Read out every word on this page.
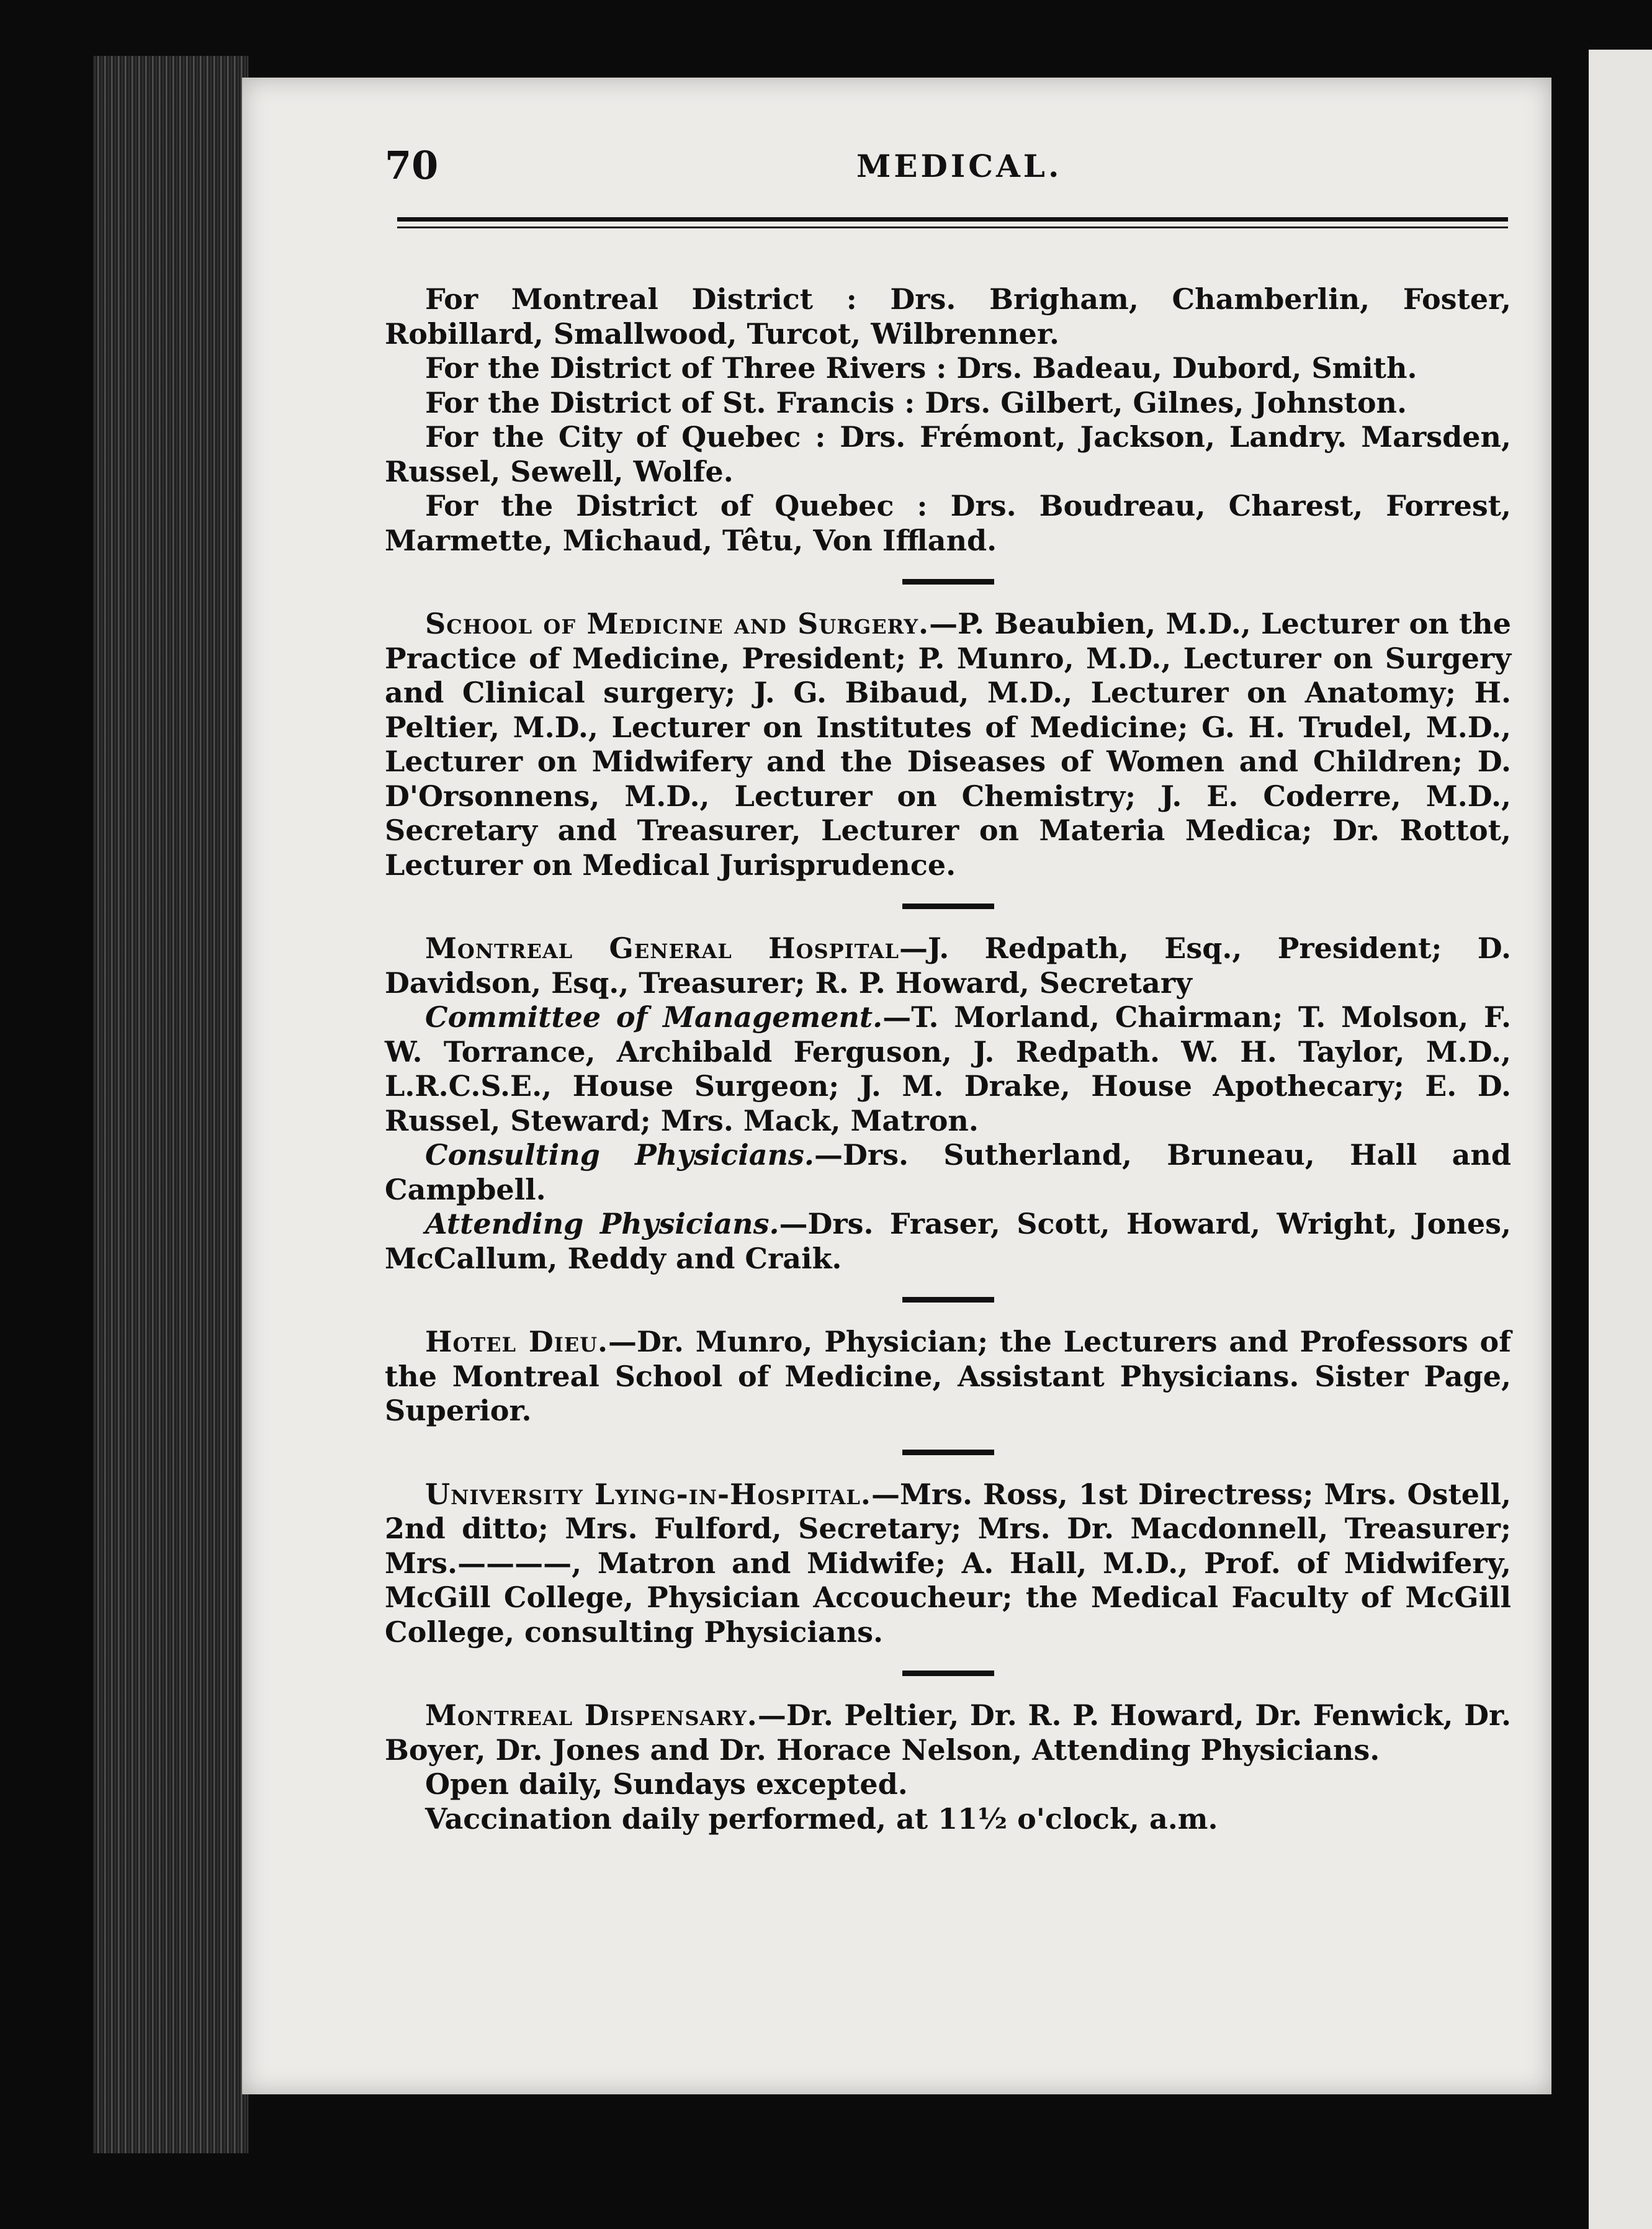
70	MEDICAL.

For Montreal District : Drs. Brigham, Chamberlin, Foster, Robillard, Smallwood, Turcot, Wilbrenner.

For the District of Three Rivers : Drs. Badeau, Dubord, Smith.

For the District of St. Francis : Drs. Gilbert, Gilnes, Johnston.

For the City of Quebec : Drs. Frémont, Jackson, Landry. Marsden, Russel, Sewell, Wolfe.

For the District of Quebec : Drs. Boudreau, Charest, Forrest, Marmette, Michaud, Têtu, Von Iffland.

School of Medicine and Surgery.—P. Beaubien, M.D., Lecturer on the Practice of Medicine, President; P. Munro, M.D., Lecturer on Surgery and Clinical surgery; J. G. Bibaud, M.D., Lecturer on Anatomy; H. Peltier, M.D., Lecturer on Institutes of Medicine; G. H. Trudel, M.D., Lecturer on Midwifery and the Diseases of Women and Children; D. D'Orsonnens, M.D., Lecturer on Chemistry; J. E. Coderre, M.D., Secretary and Treasurer, Lecturer on Materia Medica; Dr. Rottot, Lecturer on Medical Jurisprudence.

Montreal General Hospital—J. Redpath, Esq., President; D. Davidson, Esq., Treasurer; R. P. Howard, Secretary

Committee of Management.—T. Morland, Chairman; T. Molson, F. W. Torrance, Archibald Ferguson, J. Redpath. W. H. Taylor, M.D., L.R.C.S.E., House Surgeon; J. M. Drake, House Apothecary; E. D. Russel, Steward; Mrs. Mack, Matron.

Consulting Physicians.—Drs. Sutherland, Bruneau, Hall and Campbell.

Attending Physicians.—Drs. Fraser, Scott, Howard, Wright, Jones, McCallum, Reddy and Craik.

Hotel Dieu.—Dr. Munro, Physician; the Lecturers and Professors of the Montreal School of Medicine, Assistant Physicians. Sister Page, Superior.

University Lying-in-Hospital.—Mrs. Ross, 1st Directress; Mrs. Ostell, 2nd ditto; Mrs. Fulford, Secretary; Mrs. Dr. Macdonnell, Treasurer; Mrs.————, Matron and Midwife; A. Hall, M.D., Prof. of Midwifery, McGill College, Physician Accoucheur; the Medical Faculty of McGill College, consulting Physicians.

Montreal Dispensary.—Dr. Peltier, Dr. R. P. Howard, Dr. Fenwick, Dr. Boyer, Dr. Jones and Dr. Horace Nelson, Attending Physicians.

Open daily, Sundays excepted.

Vaccination daily performed, at 11½ o'clock, a.m.
